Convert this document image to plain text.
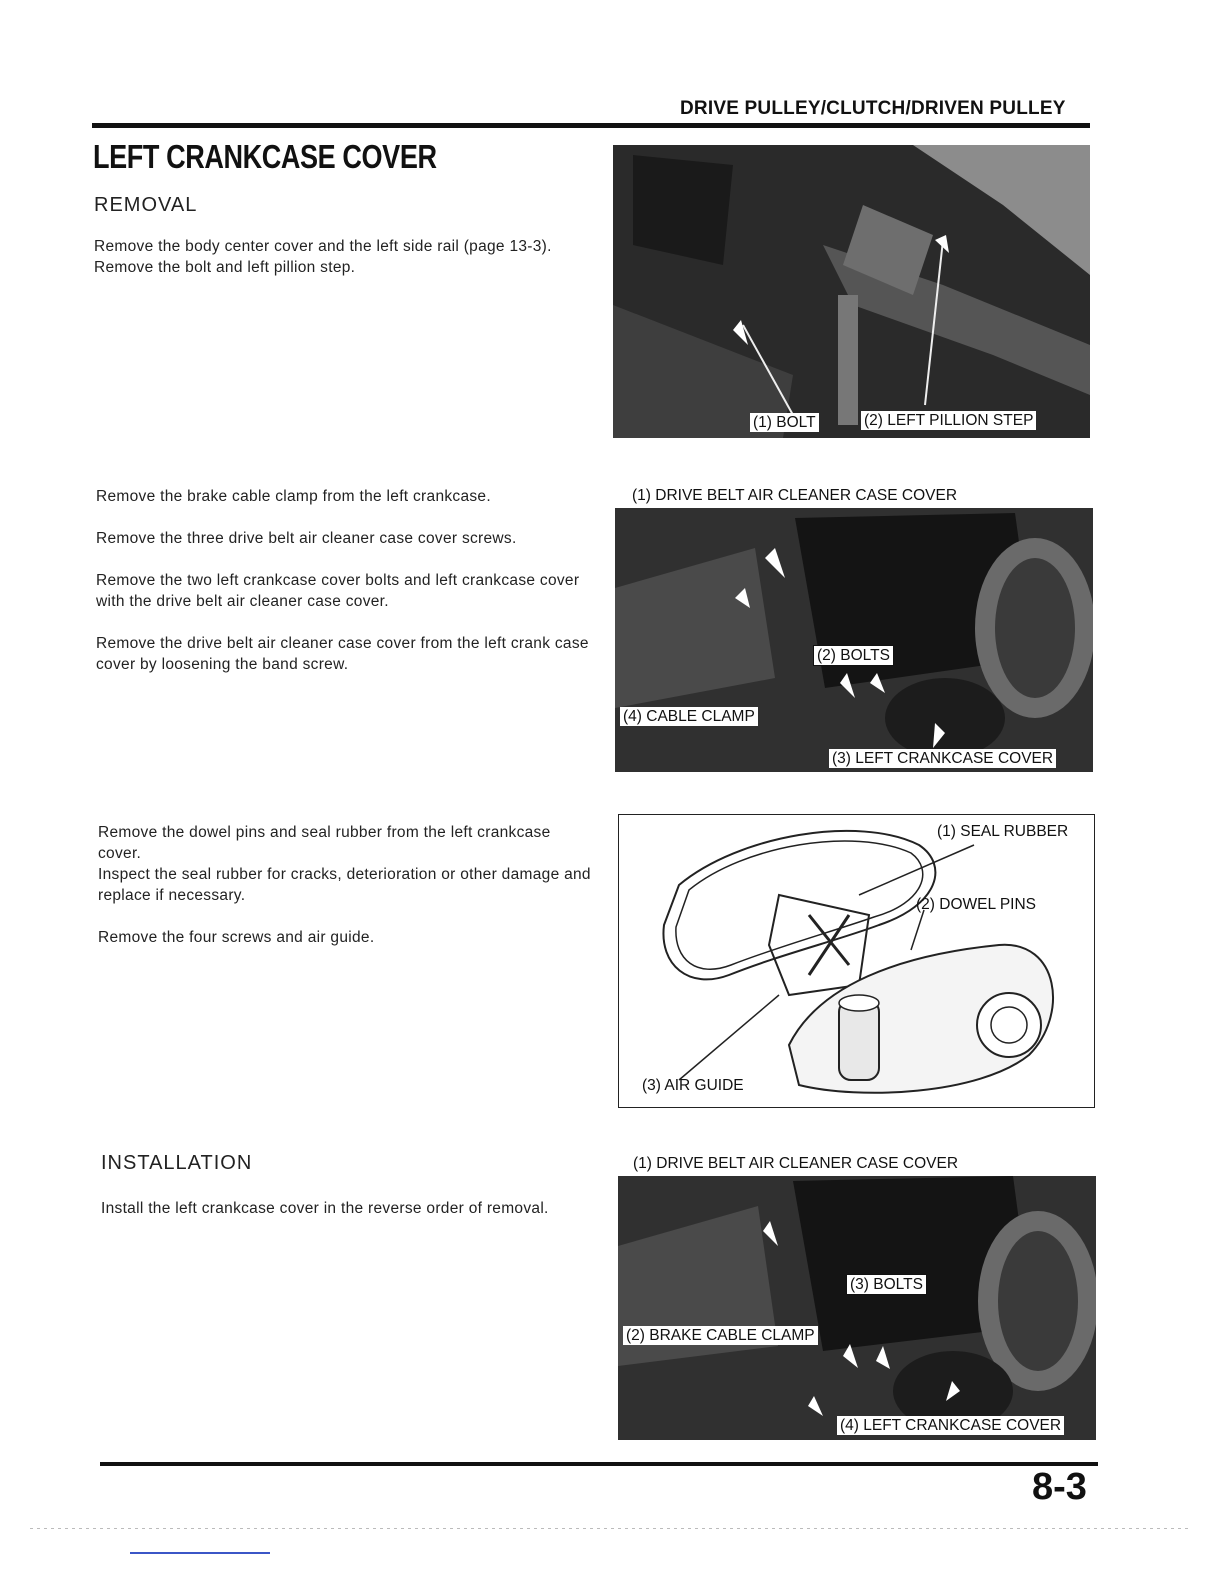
DRIVE PULLEY/CLUTCH/DRIVEN PULLEY
LEFT CRANKCASE COVER
REMOVAL
Remove the body center cover and the left side rail (page 13-3).
Remove the bolt and left pillion step.
(1) BOLT	(2) LEFT PILLION STEP

Remove the brake cable clamp from the left crankcase.

Remove the three drive belt air cleaner case cover screws.

Remove the two left crankcase cover bolts and left crankcase cover with the drive belt air cleaner case cover.

Remove the drive belt air cleaner case cover from the left crank case cover by loosening the band screw.

(1) DRIVE BELT AIR CLEANER CASE COVER
(2) BOLTS
(3) LEFT CRANKCASE COVER
(4) CABLE CLAMP
Remove the dowel pins and seal rubber from the left crankcase cover.
Inspect the seal rubber for cracks, deterioration or other damage and replace if necessary.
Remove the four screws and air guide.
(1) SEAL RUBBER
(2) DOWEL PINS
(3) AIR GUIDE
INSTALLATION
Install the left crankcase cover in the reverse order of removal.
(1) DRIVE BELT AIR CLEANER CASE COVER
(2) BRAKE CABLE CLAMP
(3) BOLTS
(4) LEFT CRANKCASE COVER
8-3
